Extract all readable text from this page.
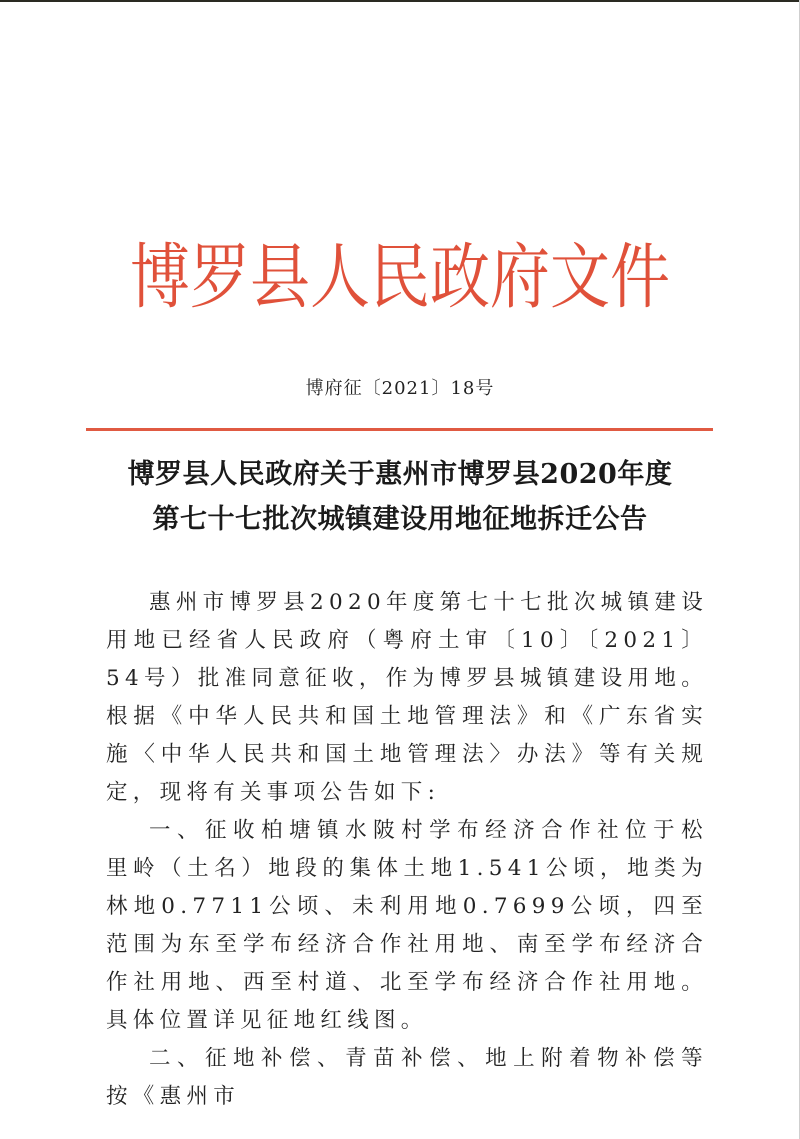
博 罗 县 人 民 政 府 文 件
博府征〔2021〕18号
博罗县人民政府关于惠州市博罗县2020年度
第七十七批次城镇建设用地征地拆迁公告

惠州市博罗县2020年度第七十七批次城镇建设用地已经省人民政府（粤府土审〔10〕〔2021〕54号）批准同意征收，作为博罗县城镇建设用地。根据《中华人民共和国土地管理法》和《广东省实施〈中华人民共和国土地管理法〉办法》等有关规定，现将有关事项公告如下:

一、征收柏塘镇水陂村学布经济合作社位于松里岭（土名）地段的集体土地1.541公顷，地类为林地0.7711公顷、未利用地0.7699公顷，四至范围为东至学布经济合作社用地、南至学布经济合作社用地、西至村道、北至学布经济合作社用地。具体位置详见征地红线图。

二、征地补偿、青苗补偿、地上附着物补偿等按《惠州市
